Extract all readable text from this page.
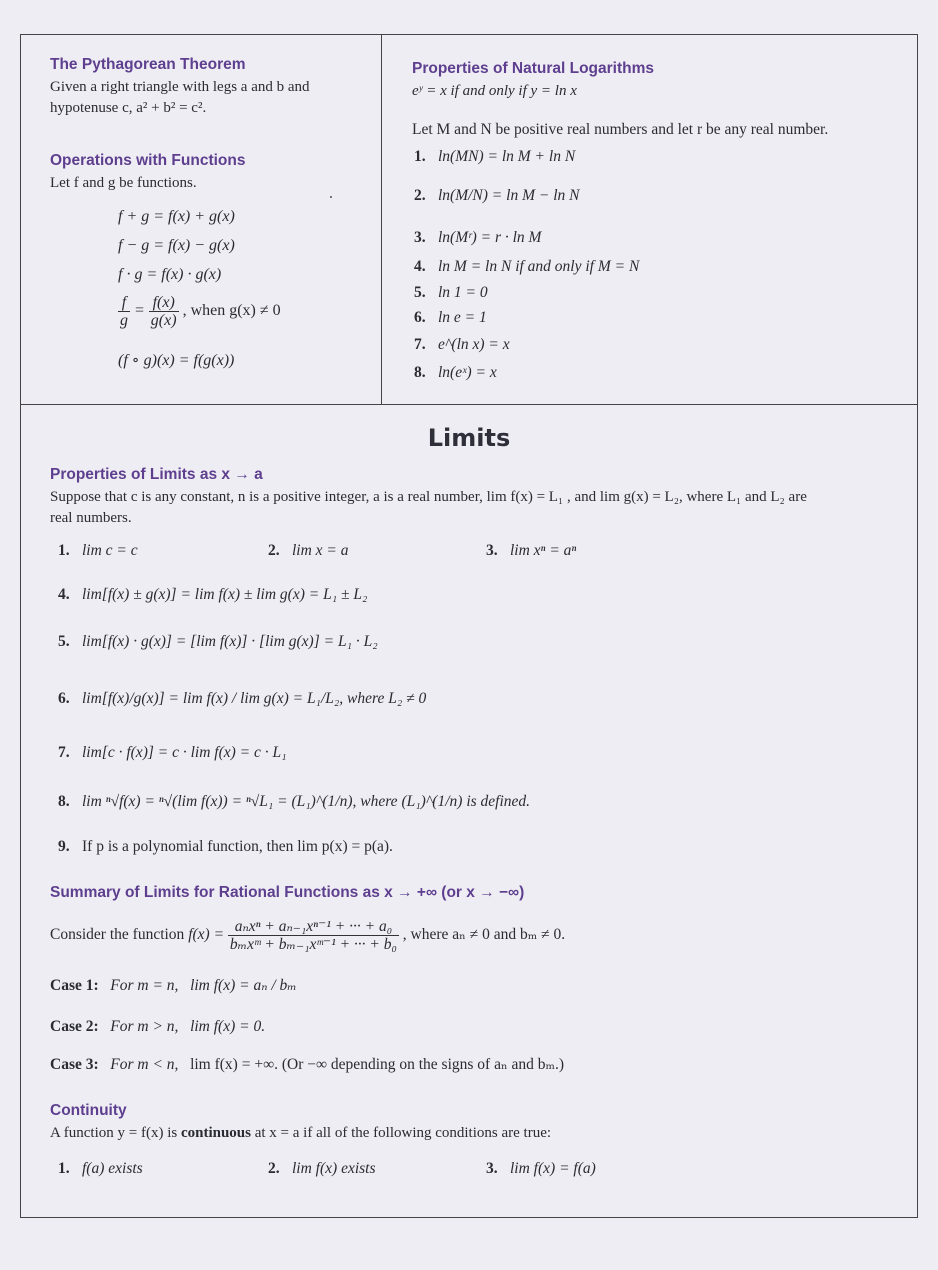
The Pythagorean Theorem

Given a right triangle with legs a and b and

hypotenuse c, a² + b² = c².

Operations with Functions

Let f and g be functions.

f + g = f(x) + g(x)
f − g = f(x) − g(x)
f · g = f(x) · g(x)
$\frac{f}{g} = \frac{f(x)}{g(x)}$ , when g(x) ≠ 0
(f ∘ g)(x) = f(g(x))
Properties of Natural Logarithms

eʸ = x if and only if y = ln x

Let M and N be positive real numbers and let r be any real number.
1. ln(MN) = ln M + ln N
2. ln(M/N) = ln M − ln N
3. ln(Mʳ) = r · ln M
4. ln M = ln N if and only if M = N
5. ln 1 = 0
6. ln e = 1
7. e^(ln x) = x
8. ln(eˣ) = x
Limits
Properties of Limits as x → a

Suppose that c is any constant, n is a positive integer, a is a real number, lim f(x) = L₁ , and lim g(x) = L₂, where L₁ and L₂ are

real numbers.

1. lim c = c	2. lim x = a	3. lim xⁿ = aⁿ
4. lim[f(x) ± g(x)] = lim f(x) ± lim g(x) = L₁ ± L₂
5. lim[f(x) · g(x)] = [lim f(x)] · [lim g(x)] = L₁ · L₂
6. lim[f(x)/g(x)] = lim f(x) / lim g(x) = L₁/L₂, where L₂ ≠ 0
7. lim[c · f(x)] = c · lim f(x) = c · L₁
8. lim ⁿ√f(x) = ⁿ√(lim f(x)) = ⁿ√L₁ = (L₁)^(1/n), where (L₁)^(1/n) is defined.
9. If p is a polynomial function, then lim p(x) = p(a).
Summary of Limits for Rational Functions as x → +∞ (or x → −∞)
Consider the function $f(x) = \frac{\text{aₙxⁿ + aₙ₋₁xⁿ⁻¹ + ··· + a₀}}{\text{bₘxᵐ + bₘ₋₁xᵐ⁻¹ + ··· + b₀}}$ , where aₙ ≠ 0 and bₘ ≠ 0.
Case 1: For m = n, lim f(x) = aₙ / bₘ
Case 2: For m > n, lim f(x) = 0.
Case 3: For m < n, lim f(x) = +∞. (Or −∞ depending on the signs of aₙ and bₘ.)
Continuity

A function y = f(x) is continuous at x = a if all of the following conditions are true:

1. f(a) exists	2. lim f(x) exists	3. lim f(x) = f(a)
